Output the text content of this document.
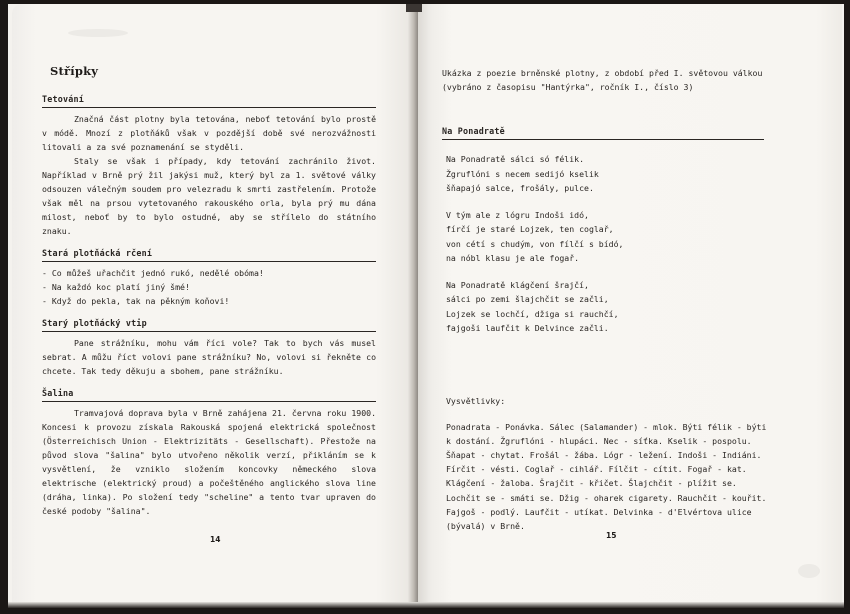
Střípky
Tetování

Značná část plotny byla tetována, neboť tetování bylo prostě v módě. Mnozí z plotňáků však v pozdější době své nerozvážnosti litovali a za své poznamenání se styděli.

Staly se však i případy, kdy tetování zachránilo život. Například v Brně prý žil jakýsi muž, který byl za 1. světové války odsouzen válečným soudem pro velezradu k smrti zastřelením. Protože však měl na prsou vytetovaného rakouského orla, byla prý mu dána milost, neboť by to bylo ostudné, aby se střílelo do státního znaku.

Stará plotňácká rčení

- Co můžeš uřachčit jednó rukó, nedělé obóma!

- Na každó koc platí jiný šmé!

- Když do pekla, tak na pěkným koňovi!

Starý plotňácký vtip

Pane strážníku, mohu vám říci vole? Tak to bych vás musel sebrat. A můžu říct volovi pane strážníku? No, volovi si řekněte co chcete. Tak tedy děkuju a sbohem, pane strážníku.

Šalina

Tramvajová doprava byla v Brně zahájena 21. června roku 1900. Koncesi k provozu získala Rakouská spojená elektrická společnost (Österreichisch Union - Elektrizitäts - Gesellschaft). Přestože na původ slova "šalina" bylo utvořeno několik verzí, přikláním se k vysvětlení, že vzniklo složením koncovky německého slova elektrische (elektrický proud) a počeštěného anglického slova line (dráha, linka). Po složení tedy "scheline" a tento tvar upraven do české podoby "šalina".

14

Ukázka z poezie brněnské plotny, z období před I. světovou válkou (vybráno z časopisu "Hantýrka", ročník I., číslo 3)

Na Ponadratě

Na Ponadratě sálci só félik.

Žgruflóni s necem sedijó kselik

šňapajó salce, frošály, pulce.

V tým ale z lógru Indoši idó,

fírčí je staré Lojzek, ten coglař,

von cétí s chudým, von fílčí s bídó,

na nóbl klasu je ale fogař.

Na Ponadratě klágčení šrajčí,

sálci po zemi šlajchčit se začli,

Lojzek se lochčí, džiga si rauchčí,

fajgoši laufčit k Delvince začli.

Vysvětlivky:

Ponadrata - Ponávka. Sálec (Salamander) - mlok. Býti félik - býti k dostání. Žgruflóni - hlupáci. Nec - síťka. Kselik - pospolu. Šňapat - chytat. Frošál - žába. Lógr - ležení. Indoši - Indiáni. Fírčit - vésti. Coglař - cihlář. Fílčit - cítit. Fogař - kat. Klágčení - žaloba. Šrajčit - křičet. Šlajchčit - plížit se. Lochčit se - smáti se. Džig - oharek cigarety. Rauchčit - kouřit. Fajgoš - podlý. Laufčit - utíkat. Delvinka - d'Elvértova ulice (bývalá) v Brně.

15
